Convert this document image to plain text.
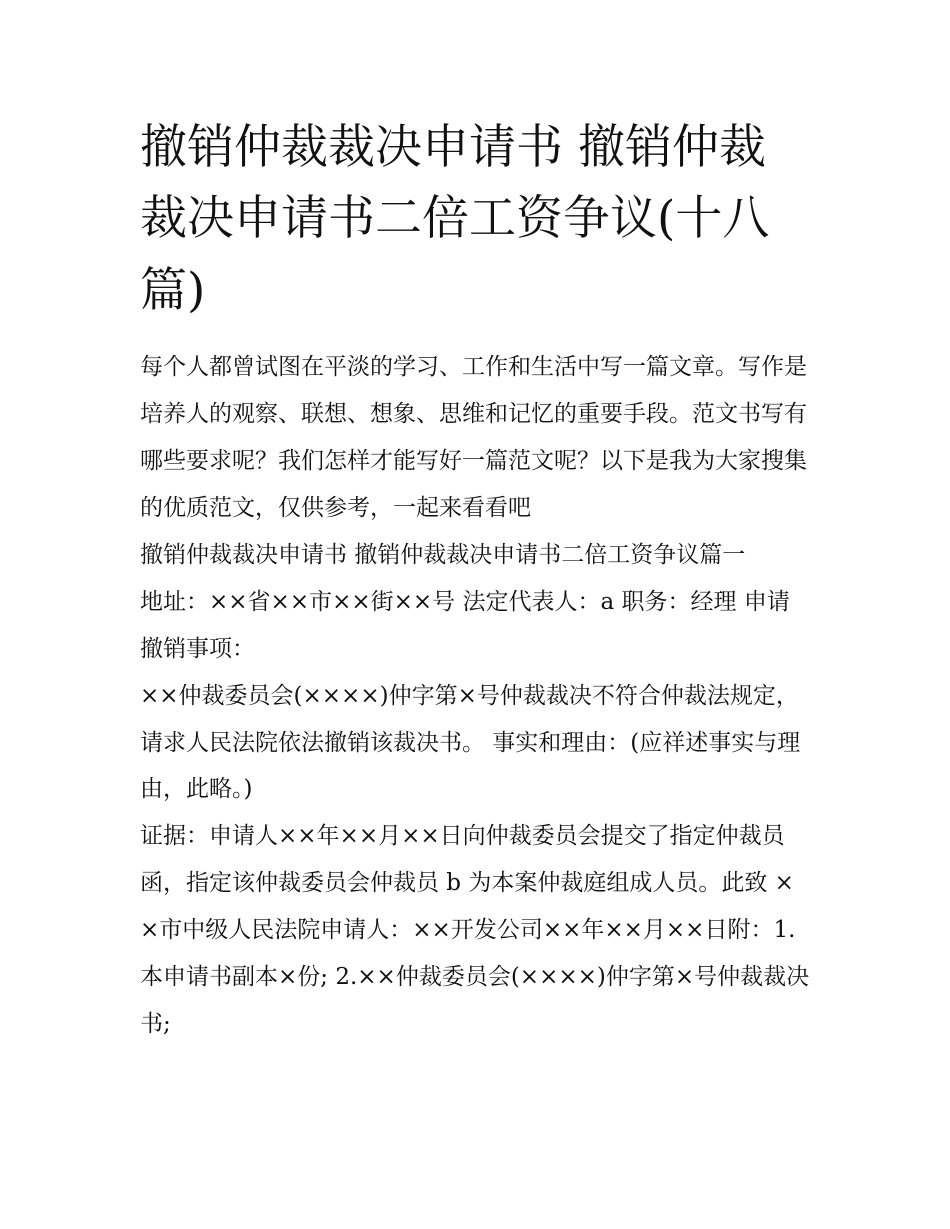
撤销仲裁裁决申请书 撤销仲裁裁决申请书二倍工资争议(十八篇)

每个人都曾试图在平淡的学习、工作和生活中写一篇文章。写作是培养人的观察、联想、想象、思维和记忆的重要手段。范文书写有哪些要求呢？我们怎样才能写好一篇范文呢？以下是我为大家搜集的优质范文，仅供参考，一起来看看吧

撤销仲裁裁决申请书 撤销仲裁裁决申请书二倍工资争议篇一

地址：××省××市××街××号 法定代表人：a 职务：经理 申请撤销事项：

××仲裁委员会(××××)仲字第×号仲裁裁决不符合仲裁法规定，请求人民法院依法撤销该裁决书。 事实和理由：(应祥述事实与理由，此略。)

证据：申请人××年××月××日向仲裁委员会提交了指定仲裁员函，指定该仲裁委员会仲裁员 b 为本案仲裁庭组成人员。此致 ××市中级人民法院申请人：××开发公司××年××月××日附：1.本申请书副本×份; 2.××仲裁委员会(××××)仲字第×号仲裁裁决书;
